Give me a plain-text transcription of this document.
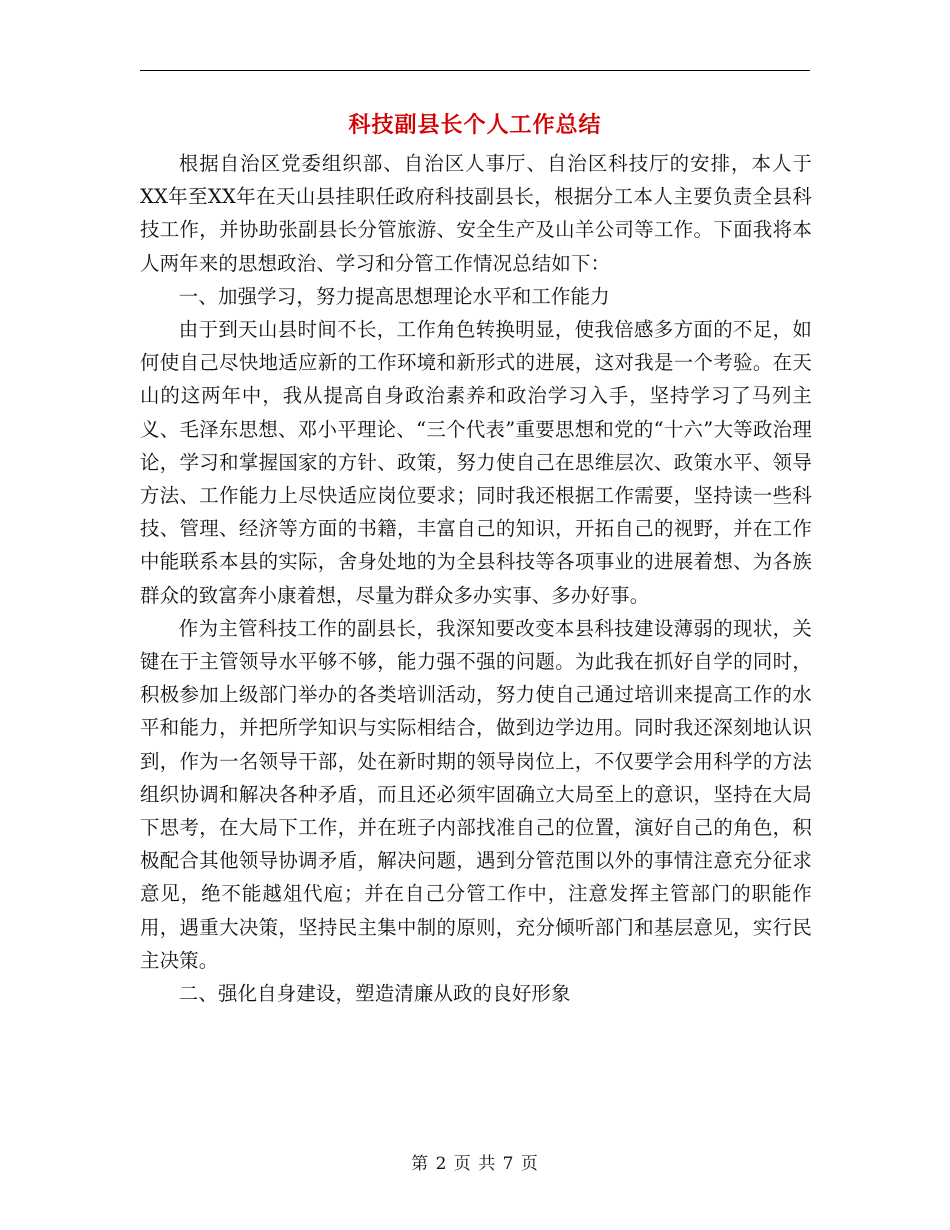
科技副县长个人工作总结

根据自治区党委组织部、自治区人事厅、自治区科技厅的安排，本人于XX年至XX年在天山县挂职任政府科技副县长，根据分工本人主要负责全县科技工作，并协助张副县长分管旅游、安全生产及山羊公司等工作。下面我将本人两年来的思想政治、学习和分管工作情况总结如下：

一、加强学习，努力提高思想理论水平和工作能力

由于到天山县时间不长，工作角色转换明显，使我倍感多方面的不足，如何使自己尽快地适应新的工作环境和新形式的进展，这对我是一个考验。在天山的这两年中，我从提高自身政治素养和政治学习入手，坚持学习了马列主义、毛泽东思想、邓小平理论、“三个代表”重要思想和党的“十六”大等政治理论，学习和掌握国家的方针、政策，努力使自己在思维层次、政策水平、领导方法、工作能力上尽快适应岗位要求；同时我还根据工作需要，坚持读一些科技、管理、经济等方面的书籍，丰富自己的知识，开拓自己的视野，并在工作中能联系本县的实际，舍身处地的为全县科技等各项事业的进展着想、为各族群众的致富奔小康着想，尽量为群众多办实事、多办好事。

作为主管科技工作的副县长，我深知要改变本县科技建设薄弱的现状，关键在于主管领导水平够不够，能力强不强的问题。为此我在抓好自学的同时，积极参加上级部门举办的各类培训活动，努力使自己通过培训来提高工作的水平和能力，并把所学知识与实际相结合，做到边学边用。同时我还深刻地认识到，作为一名领导干部，处在新时期的领导岗位上，不仅要学会用科学的方法组织协调和解决各种矛盾，而且还必须牢固确立大局至上的意识，坚持在大局下思考，在大局下工作，并在班子内部找准自己的位置，演好自己的角色，积极配合其他领导协调矛盾，解决问题，遇到分管范围以外的事情注意充分征求意见，绝不能越俎代庖；并在自己分管工作中，注意发挥主管部门的职能作用，遇重大决策，坚持民主集中制的原则，充分倾听部门和基层意见，实行民主决策。

二、强化自身建设，塑造清廉从政的良好形象

第 2 页 共 7 页
